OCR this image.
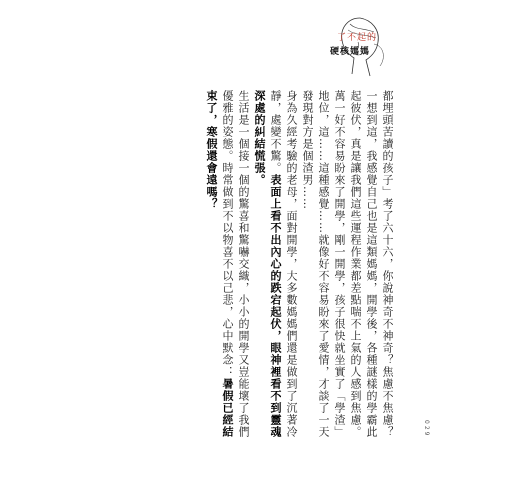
了不起的
硬核媽媽

都埋頭苦讀的孩子」考了六十六，你說神奇不神奇？焦慮不焦慮？

一想到這，我感覺自己也是這類媽媽，開學後，各種謎樣的學霸此起彼伏，真是讓我們這些運程作業都差點喘不上氣的人感到焦慮。

萬一好不容易盼來了開學，剛一開學，孩子很快就坐實了「學渣」地位，這……這種感覺……就像好不容易盼來了愛情，才談了一天發現對方是個渣男……

身為久經考驗的老母，面對開學，大多數媽媽們還是做到了沉著冷靜，處變不驚。表面上看不出內心的跌宕起伏，眼神裡看不到靈魂深處的糾結慌張。

生活是一個接一個的驚喜和驚嚇交織，小小的開學又豈能壞了我們優雅的姿態。時常做到不以物喜不以己悲，心中默念：暑假已經結束了，寒假還會遠嗎？

029
